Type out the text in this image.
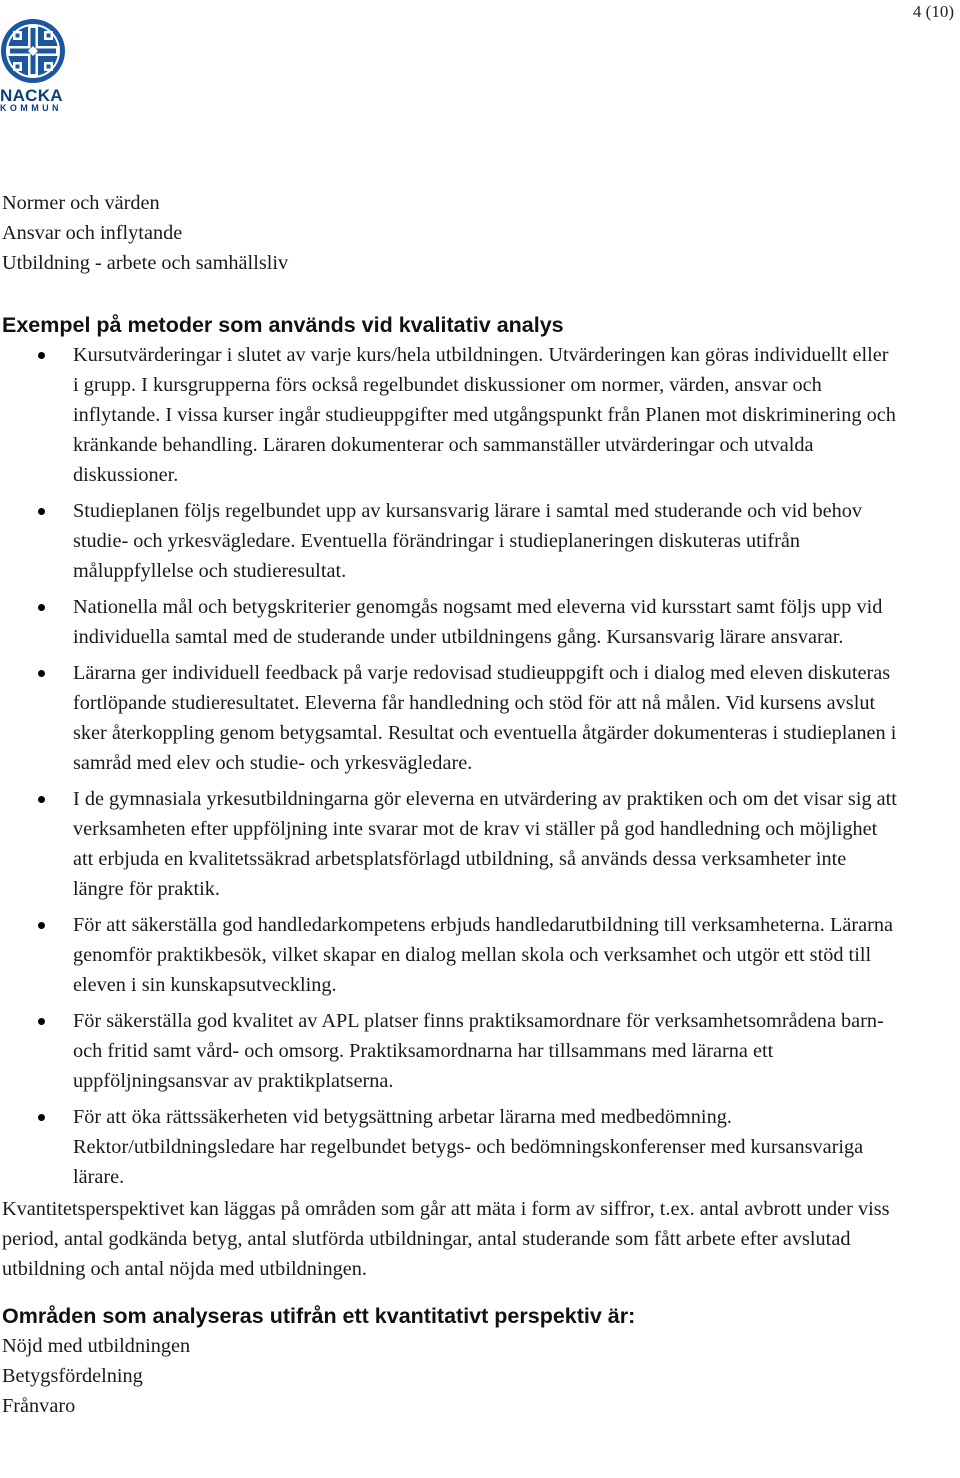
4 (10)
NACKA
KOMMUN
Normer och värden
Ansvar och inflytande
Utbildning - arbete och samhällsliv
Exempel på metoder som används vid kvalitativ analys
Kursutvärderingar i slutet av varje kurs/hela utbildningen. Utvärderingen kan göras individuellt eller i grupp. I kursgrupperna förs också regelbundet diskussioner om normer, värden, ansvar och inflytande. I vissa kurser ingår studieuppgifter med utgångspunkt från Planen mot diskriminering och kränkande behandling. Läraren dokumenterar och sammanställer utvärderingar och utvalda diskussioner.
Studieplanen följs regelbundet upp av kursansvarig lärare i samtal med studerande och vid behov studie- och yrkesvägledare. Eventuella förändringar i studieplaneringen diskuteras utifrån måluppfyllelse och studieresultat.
Nationella mål och betygskriterier genomgås nogsamt med eleverna vid kursstart samt följs upp vid individuella samtal med de studerande under utbildningens gång. Kursansvarig lärare ansvarar.
Lärarna ger individuell feedback på varje redovisad studieuppgift och i dialog med eleven diskuteras fortlöpande studieresultatet. Eleverna får handledning och stöd för att nå målen. Vid kursens avslut sker återkoppling genom betygsamtal. Resultat och eventuella åtgärder dokumenteras i studieplanen i samråd med elev och studie- och yrkesvägledare.
I de gymnasiala yrkesutbildningarna gör eleverna en utvärdering av praktiken och om det visar sig att verksamheten efter uppföljning inte svarar mot de krav vi ställer på god handledning och möjlighet att erbjuda en kvalitetssäkrad arbetsplatsförlagd utbildning, så används dessa verksamheter inte längre för praktik.
För att säkerställa god handledarkompetens erbjuds handledarutbildning till verksamheterna. Lärarna genomför praktikbesök, vilket skapar en dialog mellan skola och verksamhet och utgör ett stöd till eleven i sin kunskapsutveckling.
För säkerställa god kvalitet av APL platser finns praktiksamordnare för verksamhetsområdena barn- och fritid samt vård- och omsorg. Praktiksamordnarna har tillsammans med lärarna ett uppföljningsansvar av praktikplatserna.
För att öka rättssäkerheten vid betygsättning arbetar lärarna med medbedömning. Rektor/utbildningsledare har regelbundet betygs- och bedömningskonferenser med kursansvariga lärare.
Kvantitetsperspektivet kan läggas på områden som går att mäta i form av siffror, t.ex. antal avbrott under viss period, antal godkända betyg, antal slutförda utbildningar, antal studerande som fått arbete efter avslutad utbildning och antal nöjda med utbildningen.
Områden som analyseras utifrån ett kvantitativt perspektiv är:
Nöjd med utbildningen
Betygsfördelning
Frånvaro
